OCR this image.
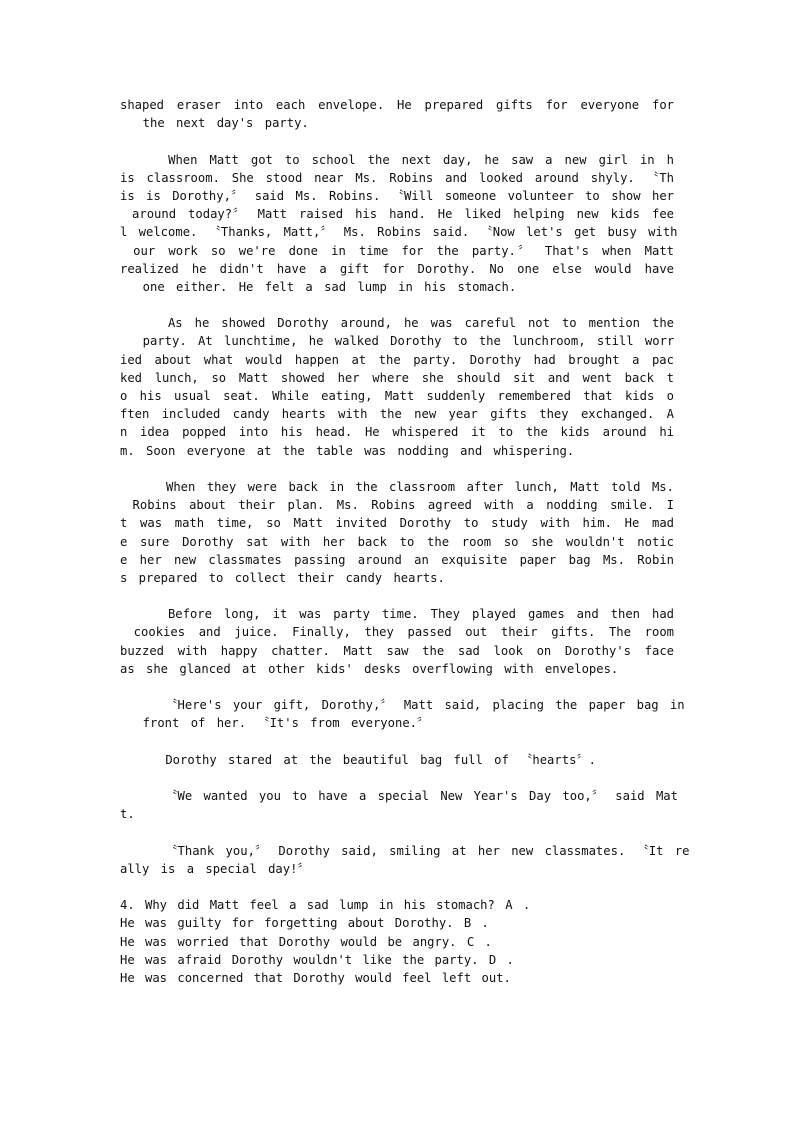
shaped eraser into each envelope. He prepared gifts for everyone for
the next day's party.
When Matt got to school the next day, he saw a new girl in h
is classroom. She stood near Ms. Robins and looked around shyly. 〝Th
is is Dorothy,〞 said Ms. Robins. 〝Will someone volunteer to show her
around today?〞 Matt raised his hand. He liked helping new kids fee
l welcome. 〝Thanks, Matt,〞 Ms. Robins said. 〝Now let's get busy with
our work so we're done in time for the party.〞 That's when Matt
realized he didn't have a gift for Dorothy. No one else would have
one either. He felt a sad lump in his stomach.
As he showed Dorothy around, he was careful not to mention the
party. At lunchtime, he walked Dorothy to the lunchroom, still worr
ied about what would happen at the party. Dorothy had brought a pac
ked lunch, so Matt showed her where she should sit and went back t
o his usual seat. While eating, Matt suddenly remembered that kids o
ften included candy hearts with the new year gifts they exchanged. A
n idea popped into his head. He whispered it to the kids around hi
m. Soon everyone at the table was nodding and whispering.
When they were back in the classroom after lunch, Matt told Ms.
Robins about their plan. Ms. Robins agreed with a nodding smile. I
t was math time, so Matt invited Dorothy to study with him. He mad
e sure Dorothy sat with her back to the room so she wouldn't notic
e her new classmates passing around an exquisite paper bag Ms. Robin
s prepared to collect their candy hearts.
Before long, it was party time. They played games and then had
cookies and juice. Finally, they passed out their gifts. The room
buzzed with happy chatter. Matt saw the sad look on Dorothy's face
as she glanced at other kids' desks overflowing with envelopes.
〝Here's your gift, Dorothy,〞 Matt said, placing the paper bag in
front of her. 〝It's from everyone.〞
Dorothy stared at the beautiful bag full of 〝hearts〞.
〝We wanted you to have a special New Year's Day too,〞 said Mat
t.
〝Thank you,〞 Dorothy said, smiling at her new classmates. 〝It re
ally is a special day!〞
4. Why did Matt feel a sad lump in his stomach? A .
He was guilty for forgetting about Dorothy. B .
He was worried that Dorothy would be angry. C .
He was afraid Dorothy wouldn't like the party. D .
He was concerned that Dorothy would feel left out.
